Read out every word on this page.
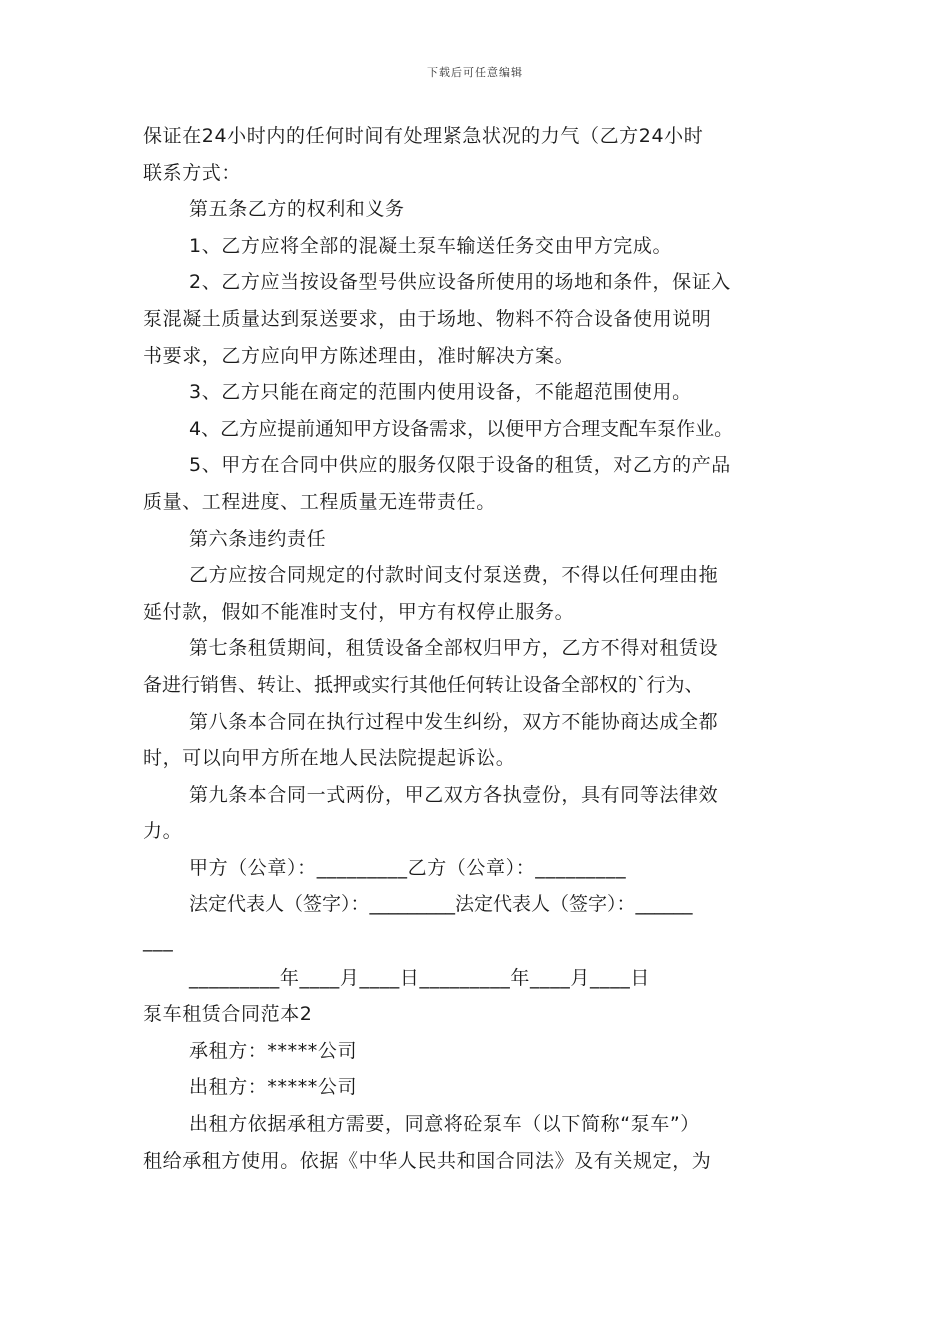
下载后可任意编辑
保证在24小时内的任何时间有处理紧急状况的力气（乙方24小时
联系方式：
第五条乙方的权利和义务
1、乙方应将全部的混凝土泵车输送任务交由甲方完成。
2、乙方应当按设备型号供应设备所使用的场地和条件，保证入
泵混凝土质量达到泵送要求，由于场地、物料不符合设备使用说明
书要求，乙方应向甲方陈述理由，准时解决方案。
3、乙方只能在商定的范围内使用设备，不能超范围使用。
4、乙方应提前通知甲方设备需求，以便甲方合理支配车泵作业。
5、甲方在合同中供应的服务仅限于设备的租赁，对乙方的产品
质量、工程进度、工程质量无连带责任。
第六条违约责任
乙方应按合同规定的付款时间支付泵送费，不得以任何理由拖
延付款，假如不能准时支付，甲方有权停止服务。
第七条租赁期间，租赁设备全部权归甲方，乙方不得对租赁设
备进行销售、转让、抵押或实行其他任何转让设备全部权的`行为、
第八条本合同在执行过程中发生纠纷，双方不能协商达成全都
时，可以向甲方所在地人民法院提起诉讼。
第九条本合同一式两份，甲乙双方各执壹份，具有同等法律效
力。
甲方（公章）：_________乙方（公章）：_________
法定代表人（签字）：_________法定代表人（签字）：______
___
_________年____月____日_________年____月____日
泵车租赁合同范本2
承租方：*****公司
出租方：*****公司
出租方依据承租方需要，同意将砼泵车（以下简称“泵车”）
租给承租方使用。依据《中华人民共和国合同法》及有关规定，为
